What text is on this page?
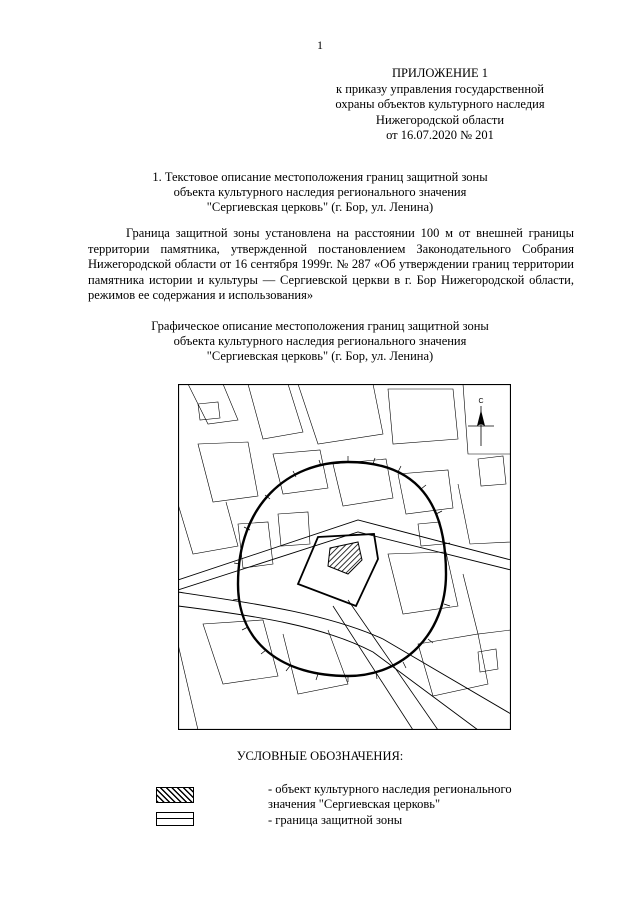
1
ПРИЛОЖЕНИЕ 1
к приказу управления государственной
охраны объектов культурного наследия
Нижегородской области
от 16.07.2020 № 201
1. Текстовое описание местоположения границ защитной зоны
объекта культурного наследия регионального значения
"Сергиевская церковь" (г. Бор, ул. Ленина)
Граница защитной зоны установлена на расстоянии 100 м от внешней границы территории памятника, утвержденной постановлением Законодательного Собрания Нижегородской области от 16 сентября 1999г. № 287 «Об утверждении границ территории памятника истории и культуры — Сергиевской церкви в г. Бор Нижегородской области, режимов ее содержания и использования»
Графическое описание местоположения границ защитной зоны
объекта культурного наследия регионального значения
"Сергиевская церковь" (г. Бор, ул. Ленина)
С
УСЛОВНЫЕ ОБОЗНАЧЕНИЯ:
- объект культурного наследия регионального
значения "Сергиевская церковь"
- граница защитной зоны
